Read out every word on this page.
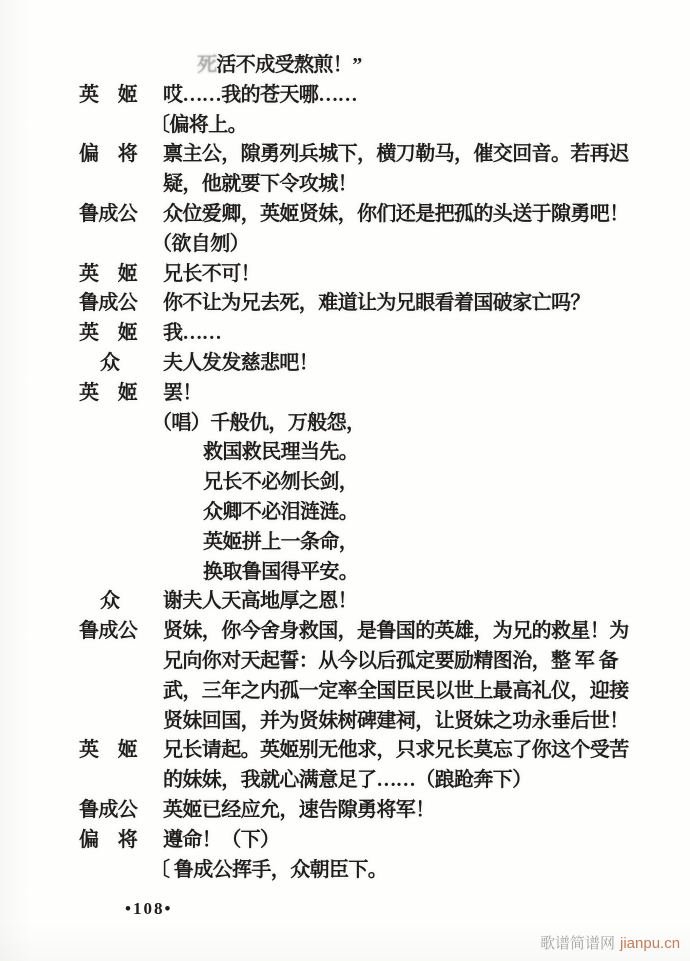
死活不成受熬煎！”
英　姬 哎……我的苍天哪……
〔偏将上。
偏　将 禀主公，隙勇列兵城下，横刀勒马，催交回音。若再迟
疑，他就要下令攻城！
鲁成公 众位爱卿，英姬贤妹，你们还是把孤的头送于隙勇吧！
（欲自刎）
英　姬 兄长不可！
鲁成公 你不让为兄去死，难道让为兄眼看着国破家亡吗？
英　姬 我……
众 夫人发发慈悲吧！
英　姬 罢！
（唱）千般仇，万般怨，
救国救民理当先。
兄长不必刎长剑，
众卿不必泪涟涟。
英姬拼上一条命，
换取鲁国得平安。
众 谢夫人天高地厚之恩！
鲁成公 贤妹，你今舍身救国，是鲁国的英雄，为兄的救星！为
兄向你对天起誓：从今以后孤定要励精图治，整 军 备
武，三年之内孤一定率全国臣民以世上最高礼仪，迎接
贤妹回国，并为贤妹树碑建祠，让贤妹之功永垂后世！
英　姬 兄长请起。英姬别无他求，只求兄长莫忘了你这个受苦
的妹妹，我就心满意足了……（踉跄奔下）
鲁成公 英姬已经应允，速告隙勇将军！
偏　将 遵命！（下）
〔 鲁成公挥手，众朝臣下。
•108•
歌谱简谱网 jianpu.cn
